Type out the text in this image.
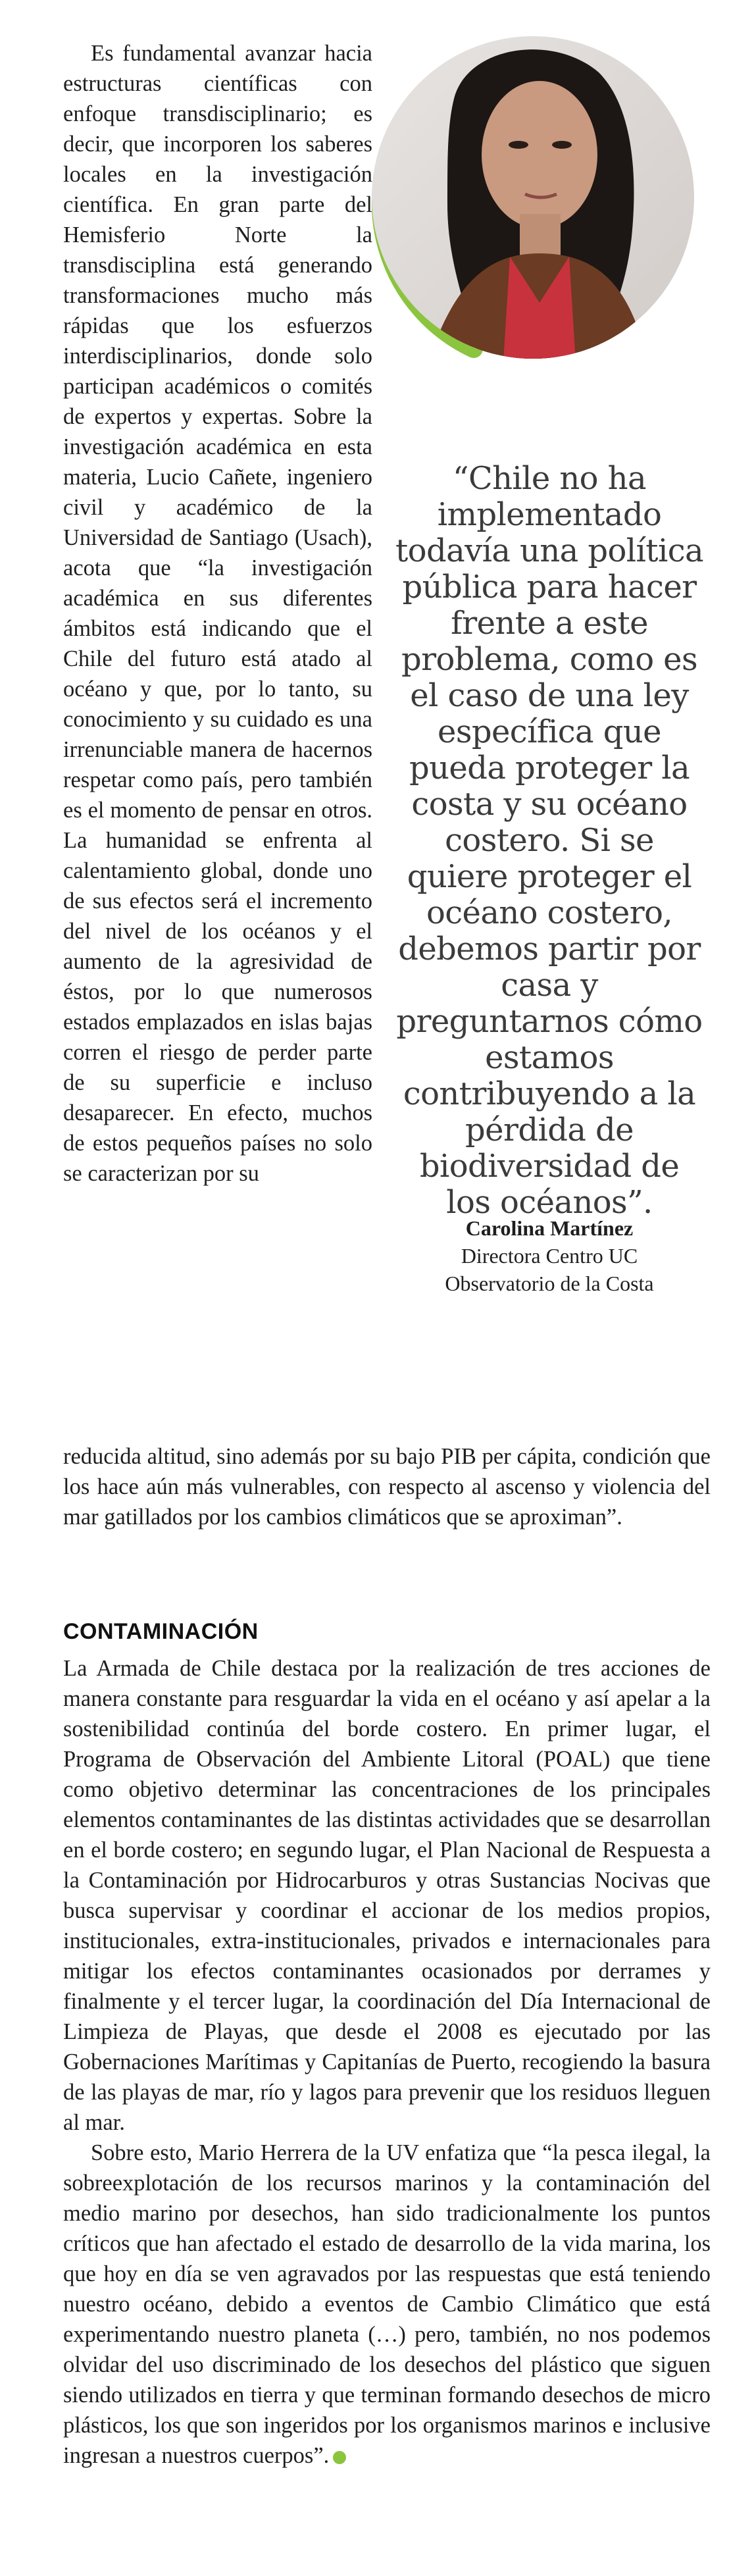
Es fundamental avanzar hacia estructuras científicas con enfoque transdisciplinario; es decir, que incorporen los saberes locales en la investigación científica. En gran parte del Hemisferio Norte la transdisciplina está generando transformaciones mucho más rápidas que los esfuerzos interdisciplinarios, donde solo participan académicos o comités de expertos y expertas. Sobre la investigación académica en esta materia, Lucio Cañete, ingeniero civil y académico de la Universidad de Santiago (Usach), acota que “la investigación académica en sus diferentes ámbitos está indicando que el Chile del futuro está atado al océano y que, por lo tanto, su conocimiento y su cuidado es una irrenunciable manera de hacernos respetar como país, pero también es el momento de pensar en otros. La humanidad se enfrenta al calentamiento global, donde uno de sus efectos será el incremento del nivel de los océanos y el aumento de la agresividad de éstos, por lo que numerosos estados emplazados en islas bajas corren el riesgo de perder parte de su superficie e incluso desaparecer. En efecto, muchos de estos pequeños países no solo se caracterizan por su

“Chile no ha implementado todavía una política pública para hacer frente a este problema, como es el caso de una ley específica que pueda proteger la costa y su océano costero. Si se quiere proteger el océano costero, debemos partir por casa y preguntarnos cómo estamos contribuyendo a la pérdida de biodiversidad de los océanos”.
Carolina Martínez
Directora Centro UC
Observatorio de la Costa

reducida altitud, sino además por su bajo PIB per cápita, condición que los hace aún más vulnerables, con respecto al ascenso y violencia del mar gatillados por los cambios climáticos que se aproximan”.

CONTAMINACIÓN

La Armada de Chile destaca por la realización de tres acciones de manera constante para resguardar la vida en el océano y así apelar a la sostenibilidad continúa del borde costero. En primer lugar, el Programa de Observación del Ambiente Litoral (POAL) que tiene como objetivo determinar las concentraciones de los principales elementos contaminantes de las distintas actividades que se desarrollan en el borde costero; en segundo lugar, el Plan Nacional de Respuesta a la Contaminación por Hidrocarburos y otras Sustancias Nocivas que busca supervisar y coordinar el accionar de los medios propios, institucionales, extra-institucionales, privados e internacionales para mitigar los efectos contaminantes ocasionados por derrames y finalmente y el tercer lugar, la coordinación del Día Internacional de Limpieza de Playas, que desde el 2008 es ejecutado por las Gobernaciones Marítimas y Capitanías de Puerto, recogiendo la basura de las playas de mar, río y lagos para prevenir que los residuos lleguen al mar.

Sobre esto, Mario Herrera de la UV enfatiza que “la pesca ilegal, la sobreexplotación de los recursos marinos y la contaminación del medio marino por desechos, han sido tradicionalmente los puntos críticos que han afectado el estado de desarrollo de la vida marina, los que hoy en día se ven agravados por las respuestas que está teniendo nuestro océano, debido a eventos de Cambio Climático que está experimentando nuestro planeta (…) pero, también, no nos podemos olvidar del uso discriminado de los desechos del plástico que siguen siendo utilizados en tierra y que terminan formando desechos de micro plásticos, los que son ingeridos por los organismos marinos e inclusive ingresan a nuestros cuerpos”.
